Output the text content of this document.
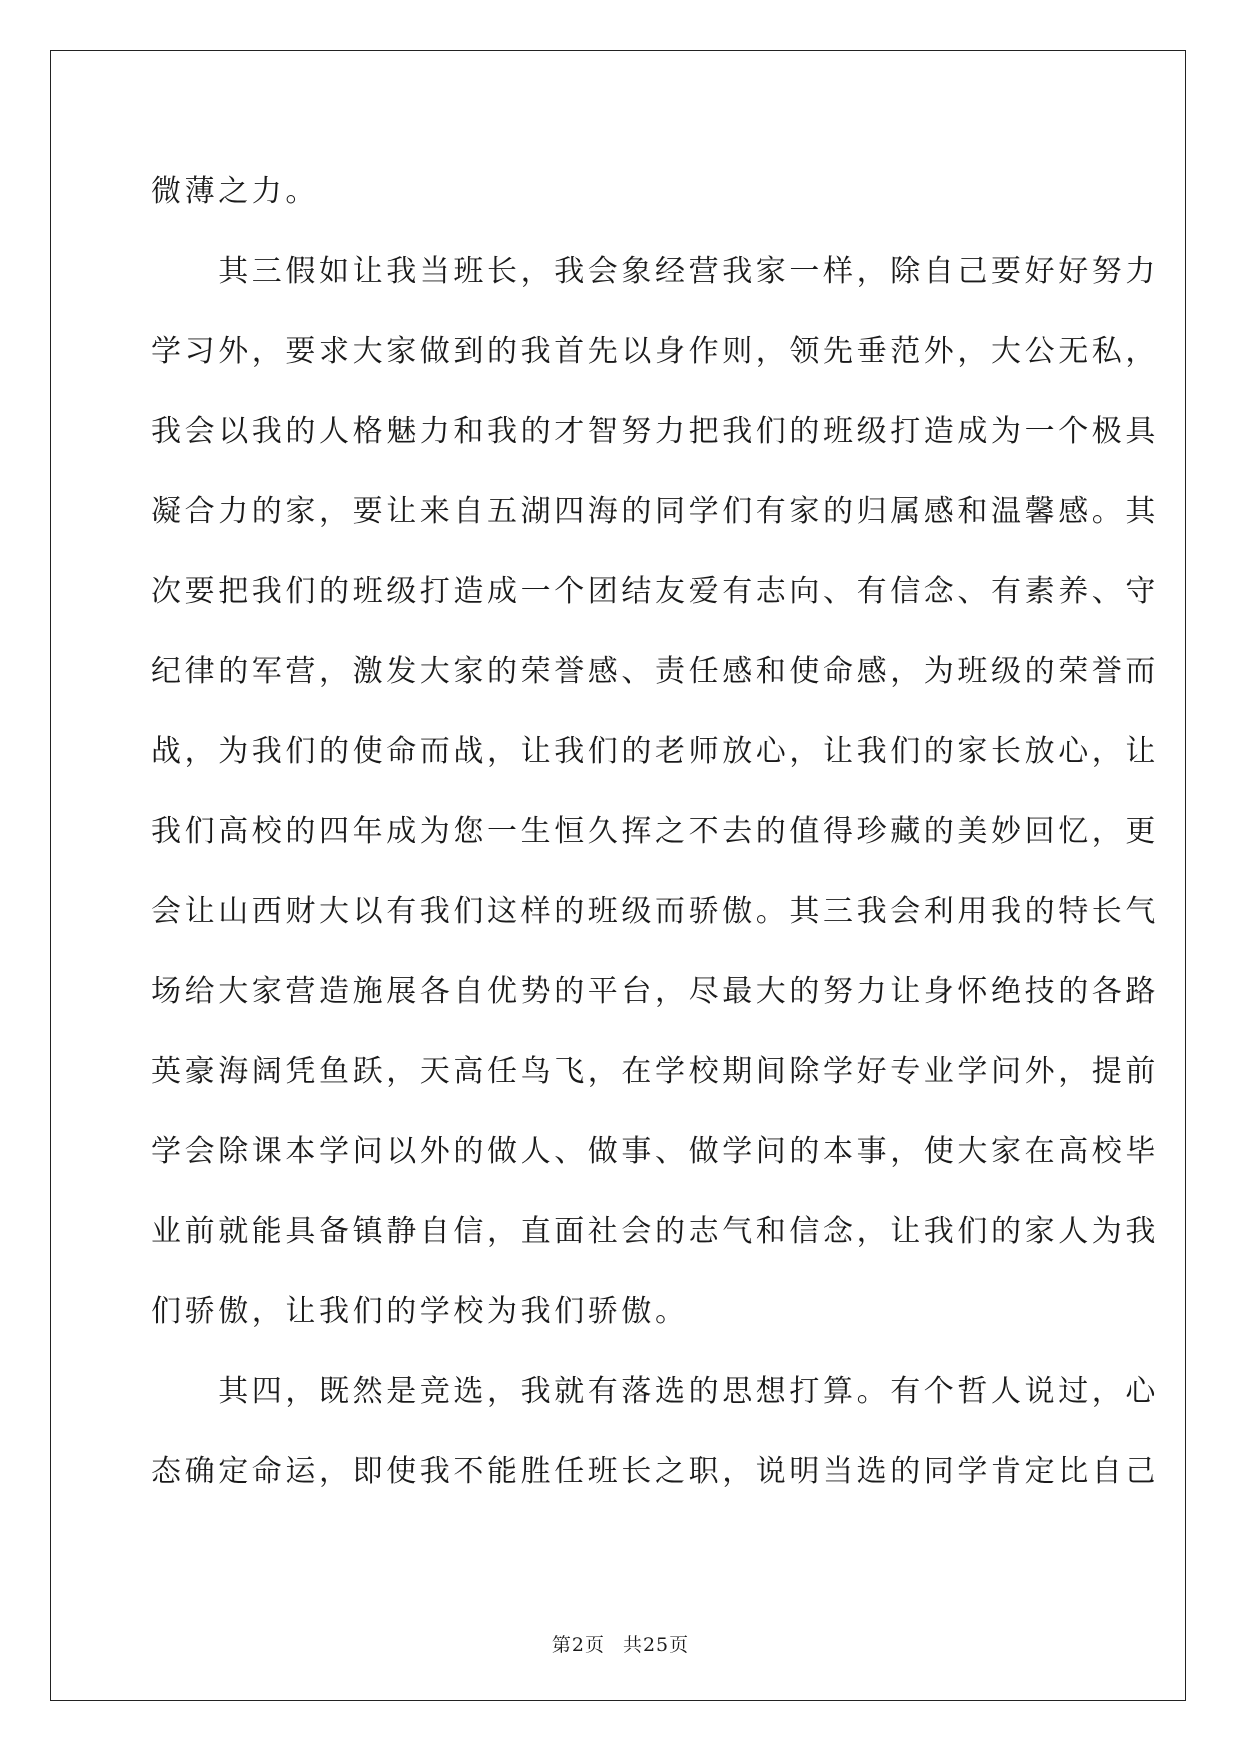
微薄之力。
　　其三假如让我当班长，我会象经营我家一样，除自己要好好努力
学习外，要求大家做到的我首先以身作则，领先垂范外，大公无私，
我会以我的人格魅力和我的才智努力把我们的班级打造成为一个极具
凝合力的家，要让来自五湖四海的同学们有家的归属感和温馨感。其
次要把我们的班级打造成一个团结友爱有志向、有信念、有素养、守
纪律的军营，激发大家的荣誉感、责任感和使命感，为班级的荣誉而
战，为我们的使命而战，让我们的老师放心，让我们的家长放心，让
我们高校的四年成为您一生恒久挥之不去的值得珍藏的美妙回忆，更
会让山西财大以有我们这样的班级而骄傲。其三我会利用我的特长气
场给大家营造施展各自优势的平台，尽最大的努力让身怀绝技的各路
英豪海阔凭鱼跃，天高任鸟飞，在学校期间除学好专业学问外，提前
学会除课本学问以外的做人、做事、做学问的本事，使大家在高校毕
业前就能具备镇静自信，直面社会的志气和信念，让我们的家人为我
们骄傲，让我们的学校为我们骄傲。
　　其四，既然是竞选，我就有落选的思想打算。有个哲人说过，心
态确定命运，即使我不能胜任班长之职，说明当选的同学肯定比自己
第2页 共25页
